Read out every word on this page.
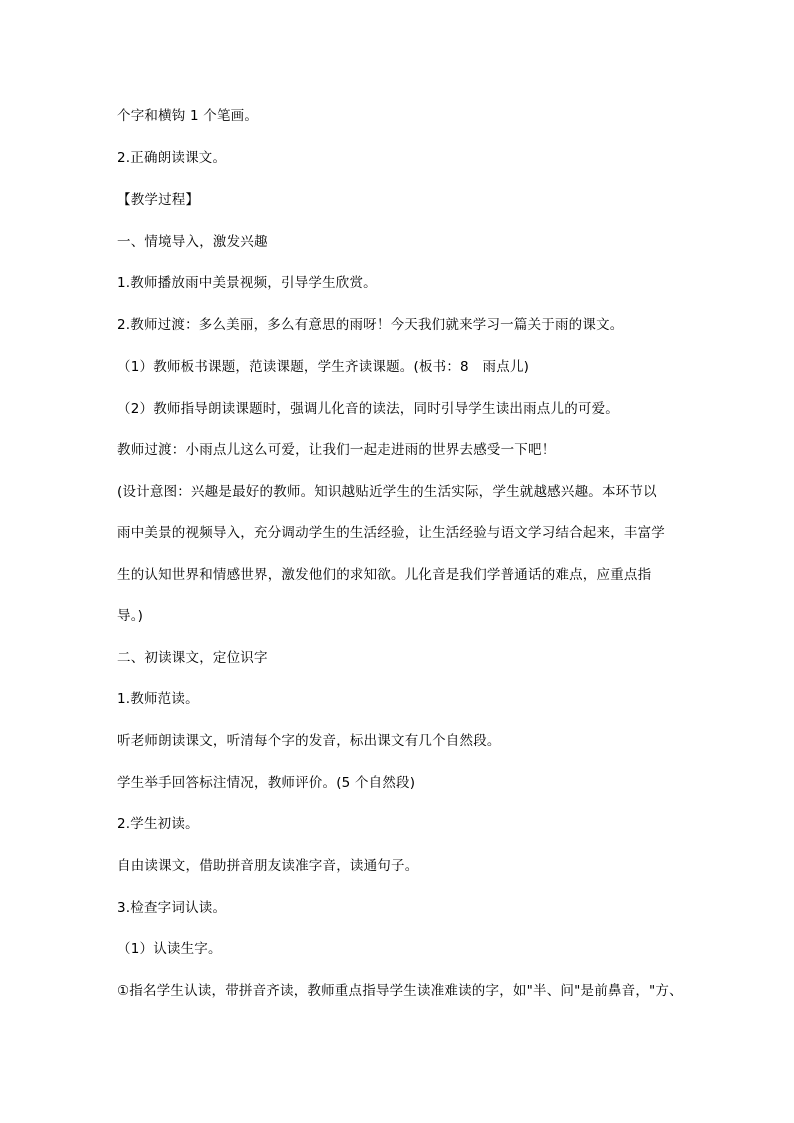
个字和横钩 1 个笔画。
2.正确朗读课文。
【教学过程】
一、情境导入，激发兴趣
1.教师播放雨中美景视频，引导学生欣赏。
2.教师过渡：多么美丽，多么有意思的雨呀！今天我们就来学习一篇关于雨的课文。
（1）教师板书课题，范读课题，学生齐读课题。(板书：8　雨点儿)
（2）教师指导朗读课题时，强调儿化音的读法，同时引导学生读出雨点儿的可爱。
教师过渡：小雨点儿这么可爱，让我们一起走进雨的世界去感受一下吧！
(设计意图：兴趣是最好的教师。知识越贴近学生的生活实际，学生就越感兴趣。本环节以
雨中美景的视频导入，充分调动学生的生活经验，让生活经验与语文学习结合起来，丰富学
生的认知世界和情感世界，激发他们的求知欲。儿化音是我们学普通话的难点，应重点指
导。)
二、初读课文，定位识字
1.教师范读。
听老师朗读课文，听清每个字的发音，标出课文有几个自然段。
学生举手回答标注情况，教师评价。(5 个自然段)
2.学生初读。
自由读课文，借助拼音朋友读准字音，读通句子。
3.检查字词认读。
（1）认读生字。
①指名学生认读，带拼音齐读，教师重点指导学生读准难读的字，如"半、问"是前鼻音，"方、
